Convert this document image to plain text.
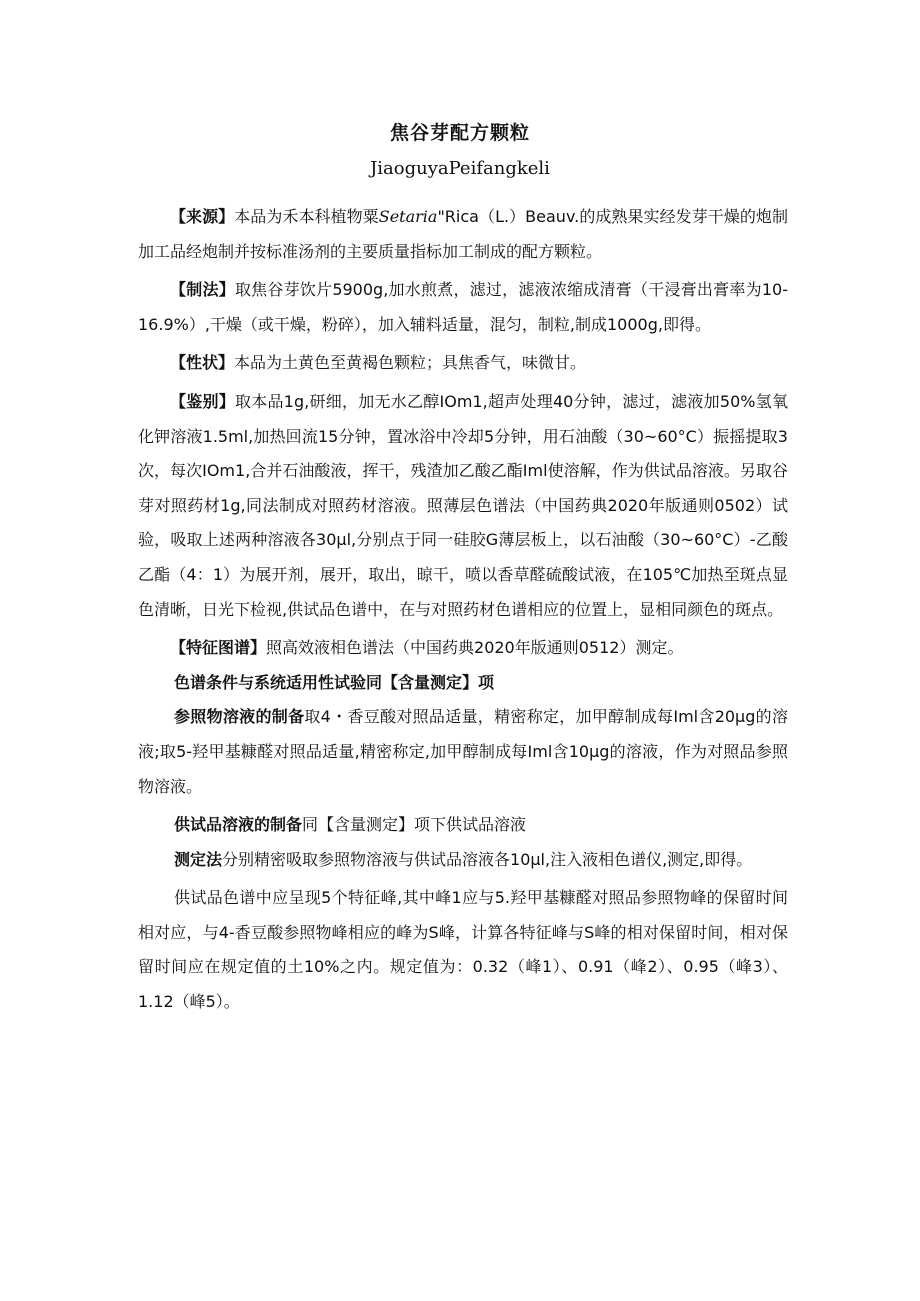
焦谷芽配方颗粒
JiaoguyaPeifangkeli

【来源】本品为禾本科植物粟Setaria"Rica（L.）Beauv.的成熟果实经发芽干燥的炮制加工品经炮制并按标准汤剂的主要质量指标加工制成的配方颗粒。

【制法】取焦谷芽饮片5900g,加水煎煮，滤过，滤液浓缩成清膏（干浸膏出膏率为10-16.9%）,干燥（或干燥，粉碎），加入辅料适量，混匀，制粒,制成1000g,即得。

【性状】本品为土黄色至黄褐色颗粒；具焦香气，味微甘。

【鉴别】取本品1g,研细，加无水乙醇IOm1,超声处理40分钟，滤过，滤液加50%氢氧化钾溶液1.5ml,加热回流15分钟，置冰浴中冷却5分钟，用石油酸（30~60°C）振摇提取3次，每次IOm1,合并石油酸液，挥干，残渣加乙酸乙酯Iml使溶解，作为供试品溶液。另取谷芽对照药材1g,同法制成对照药材溶液。照薄层色谱法（中国药典2020年版通则0502）试验，吸取上述两种溶液各30μl,分别点于同一硅胶G薄层板上，以石油酸（30~60°C）-乙酸乙酯（4：1）为展开剂，展开，取出，晾干，喷以香草醛硫酸试液，在105℃加热至斑点显色清晰，日光下检视,供试品色谱中，在与对照药材色谱相应的位置上，显相同颜色的斑点。

【特征图谱】照高效液相色谱法（中国药典2020年版通则0512）测定。

色谱条件与系统适用性试验同【含量测定】项

参照物溶液的制备取4・香豆酸对照品适量，精密称定，加甲醇制成每Iml含20μg的溶液;取5-羟甲基糠醛对照品适量,精密称定,加甲醇制成每Iml含10μg的溶液，作为对照品参照物溶液。

供试品溶液的制备同【含量测定】项下供试品溶液

测定法分别精密吸取参照物溶液与供试品溶液各10μl,注入液相色谱仪,测定,即得。

供试品色谱中应呈现5个特征峰,其中峰1应与5.羟甲基糠醛对照品参照物峰的保留时间相对应，与4-香豆酸参照物峰相应的峰为S峰，计算各特征峰与S峰的相对保留时间，相对保留时间应在规定值的土10%之内。规定值为：0.32（峰1）、0.91（峰2）、0.95（峰3）、1.12（峰5）。
